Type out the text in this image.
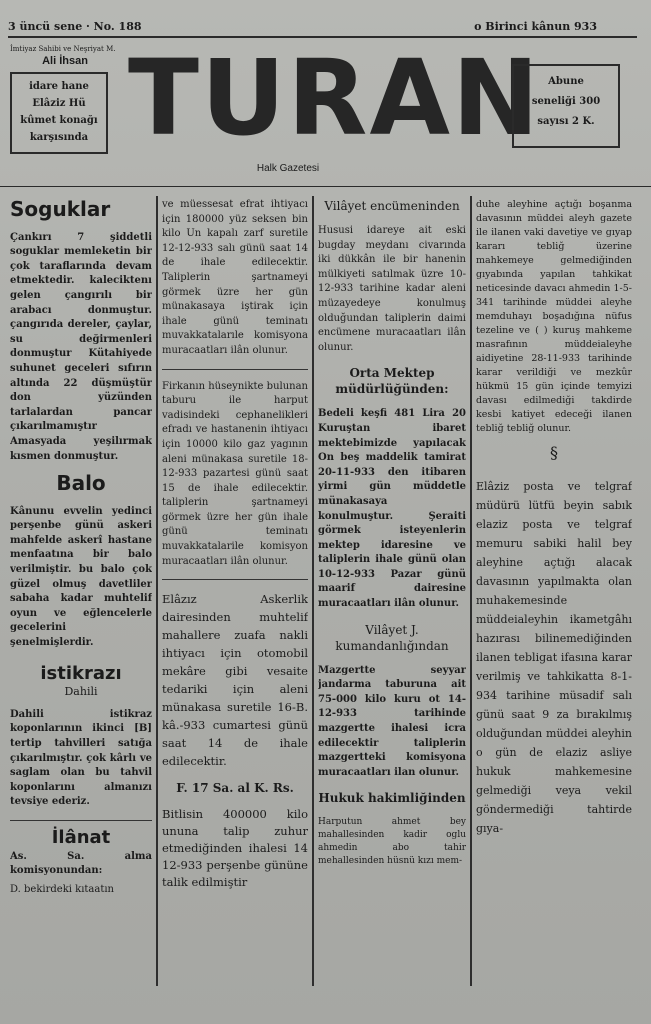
3 üncü sene · No. 188	o Birinci kânun 933
İmtiyaz Sahibi ve Neşriyat M.
Ali İhsan
idare hane
Elâziz Hü
kûmet konağı
karşısında TURAN Abune
seneliği 300
sayısı 2 K.
Halk Gazetesi
Soguklar

Çankırı 7 şiddetli soguklar memleketin bir çok taraflarında devam etmektedir. kaleciktenı gelen çangırılı bir arabacı donmuştur. çangırıda dereler, çaylar, su değirmenleri donmuştur Kütahiyede suhunet geceleri sıfırın altında 22 düşmüştür don yüzünden tarlalardan pancar çıkarılmamıştır Amasyada yeşilırmak kısmen donmuştur.

Balo

Kânunu evvelin yedinci perşenbe günü askeri mahfelde askerî hastane menfaatına bir balo verilmiştir. bu balo çok güzel olmuş davetliler sabaha kadar muhtelif oyun ve eğlencelerle gecelerini şenelmişlerdir.

istikrazı
Dahili

Dahili istikraz koponlarının ikinci [B] tertip tahvilleri satığa çıkarılmıştır. çok kârlı ve saglam olan bu tahvil koponlarını almanızı tevsiye ederiz.

İlânat

As. Sa. alma komisyonundan:

D. bekirdeki kıtaatın

ve müessesat efrat ihtiyacı için 180000 yüz seksen bin kilo Un kapalı zarf suretile 12-12-933 salı günü saat 14 de ihale edilecektir. Taliplerin şartnameyi görmek üzre her gün münakasaya iştirak için ihale günü teminatı muvakkatalarıle komisyona muracaatları ilân olunur.

Firkanın hüseynikte bulunan taburu ile harput vadisindeki cephanelikleri efradı ve hastanenin ihtiyacı için 10000 kilo gaz yagının aleni münakasa suretile 18-12-933 pazartesi günü saat 15 de ihale edilecektir. taliplerin şartnameyi görmek üzre her gün ihale günü teminatı muvakkatalarile komisyon muracaatları ilân olunur.

Elâzız Askerlik dairesinden muhtelif mahallere zuafa nakli ihtiyacı için otomobil mekâre gibi vesaite tedariki için aleni münakasa suretile 16-B. kâ.-933 cumartesi günü saat 14 de ihale edilecektir.

F. 17 Sa. al K. Rs.

Bitlisin 400000 kilo ununa talip zuhur etmediğinden ihalesi 14 12-933 perşenbe gününe talik edilmiştir

Vilâyet encümeninden

Hususi idareye ait eski bugday meydanı civarında iki dükkân ile bir hanenin mülkiyeti satılmak üzre 10-12-933 tarihine kadar aleni müzayedeye konulmuş olduğundan taliplerin daimi encümene muracaatları ilân olunur.

Orta Mektep müdürlüğünden:

Bedeli keşfi 481 Lira 20 Kuruştan ibaret mektebimizde yapılacak On beş maddelik tamirat 20-11-933 den itibaren yirmi gün müddetle münakasaya konulmuştur. Şeraiti görmek isteyenlerin mektep idaresine ve taliplerin ihale günü olan 10-12-933 Pazar günü maarif dairesine muracaatları ilân olunur.

Vilâyet J. kumandanlığından

Mazgertte seyyar jandarma taburuna ait 75-000 kilo kuru ot 14-12-933 tarihinde mazgertte ihalesi icra edilecektir taliplerin mazgertteki komisyona muracaatları ilan olunur.

Hukuk hakimliğinden

Harputun ahmet bey mahallesinden kadir oglu ahmedin abo tahir mehallesinden hüsnü kızı mem-

duhe aleyhine açtığı boşanma davasının müddei aleyh gazete ile ilanen vaki davetiye ve gıyap kararı tebliğ üzerine mahkemeye gelmediğinden gıyabında yapılan tahkikat neticesinde davacı ahmedin 1-5-341 tarihinde müddei aleyhe memduhayı boşadığına nüfus tezeline ve ( ) kuruş mahkeme masrafının müddeialeyhe aidiyetine 28-11-933 tarihinde karar verildiği ve mezkûr hükmü 15 gün içinde temyizi davası edilmediği takdirde kesbi katiyet edeceği ilanen tebliğ tebliğ olunur.

§

Elâziz posta ve telgraf müdürü lütfü beyin sabık elaziz posta ve telgraf memuru sabiki halil bey aleyhine açtığı alacak davasının yapılmakta olan muhakemesinde müddeialeyhin ikametgâhı hazırası bilinemediğinden ilanen tebligat ifasına karar verilmiş ve tahkikatta 8-1-934 tarihine müsadif salı günü saat 9 za bırakılmış olduğundan müddei aleyhin o gün de elaziz asliye hukuk mahkemesine gelmediği veya vekil göndermediği tahtirde gıya-
